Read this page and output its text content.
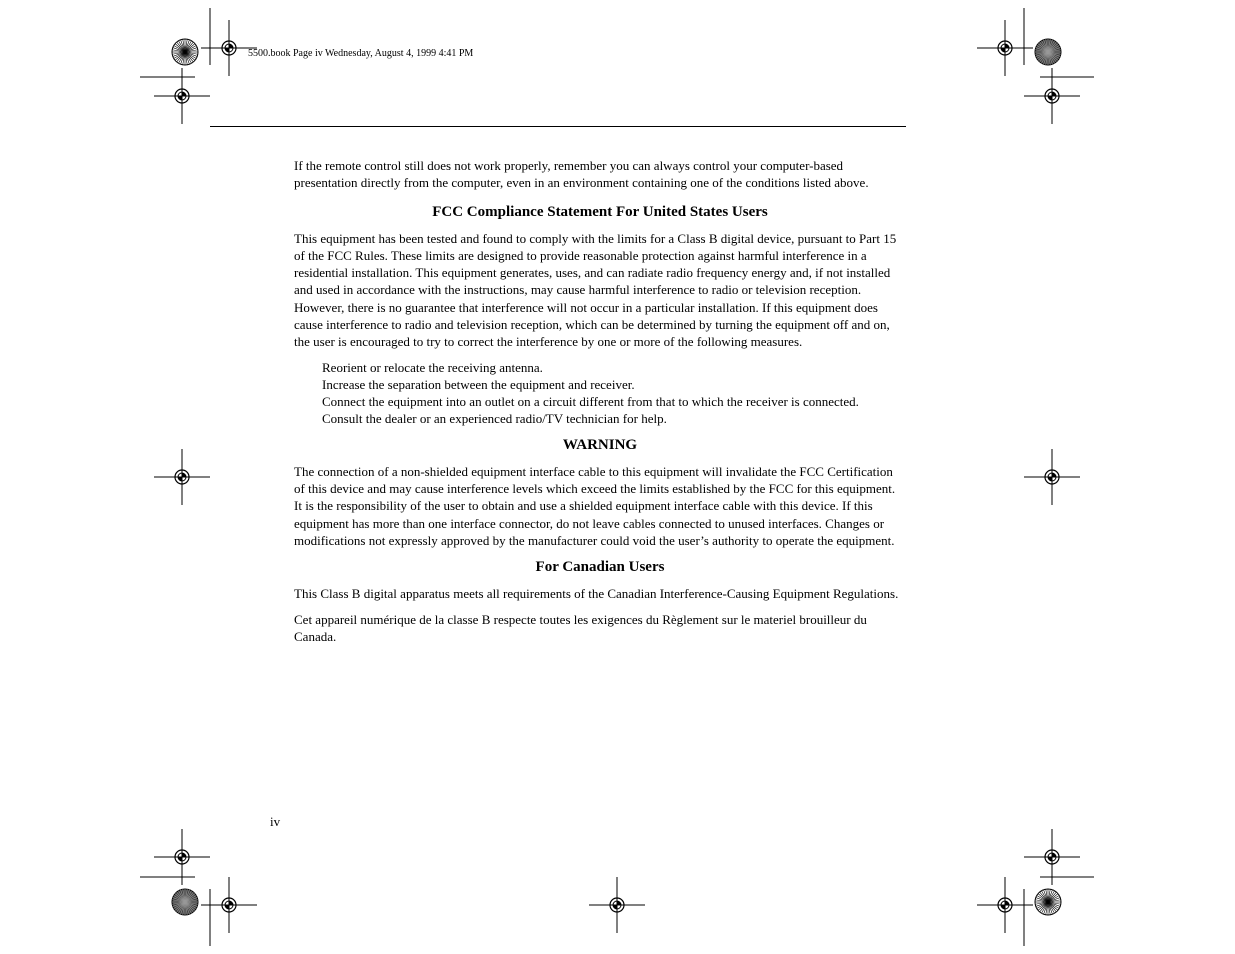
5500.book Page iv Wednesday, August 4, 1999 4:41 PM

If the remote control still does not work properly, remember you can always control your computer-based presentation directly from the computer, even in an environment containing one of the conditions listed above.

FCC Compliance Statement For United States Users

This equipment has been tested and found to comply with the limits for a Class B digital device, pursuant to Part 15 of the FCC Rules. These limits are designed to provide reasonable protection against harmful interference in a residential installation. This equipment generates, uses, and can radiate radio frequency energy and, if not installed and used in accordance with the instructions, may cause harmful interference to radio or television reception. However, there is no guarantee that interference will not occur in a particular installation. If this equipment does cause interference to radio and television reception, which can be determined by turning the equipment off and on, the user is encouraged to try to correct the interference by one or more of the following measures.

Reorient or relocate the receiving antenna.
Increase the separation between the equipment and receiver.
Connect the equipment into an outlet on a circuit different from that to which the receiver is connected.
Consult the dealer or an experienced radio/TV technician for help.
WARNING

The connection of a non-shielded equipment interface cable to this equipment will invalidate the FCC Certification of this device and may cause interference levels which exceed the limits established by the FCC for this equipment. It is the responsibility of the user to obtain and use a shielded equipment interface cable with this device. If this equipment has more than one interface connector, do not leave cables connected to unused interfaces. Changes or modifications not expressly approved by the manufacturer could void the user’s authority to operate the equipment.

For Canadian Users

This Class B digital apparatus meets all requirements of the Canadian Interference-Causing Equipment Regulations.

Cet appareil numérique de la classe B respecte toutes les exigences du Règlement sur le materiel brouilleur du Canada.

iv
